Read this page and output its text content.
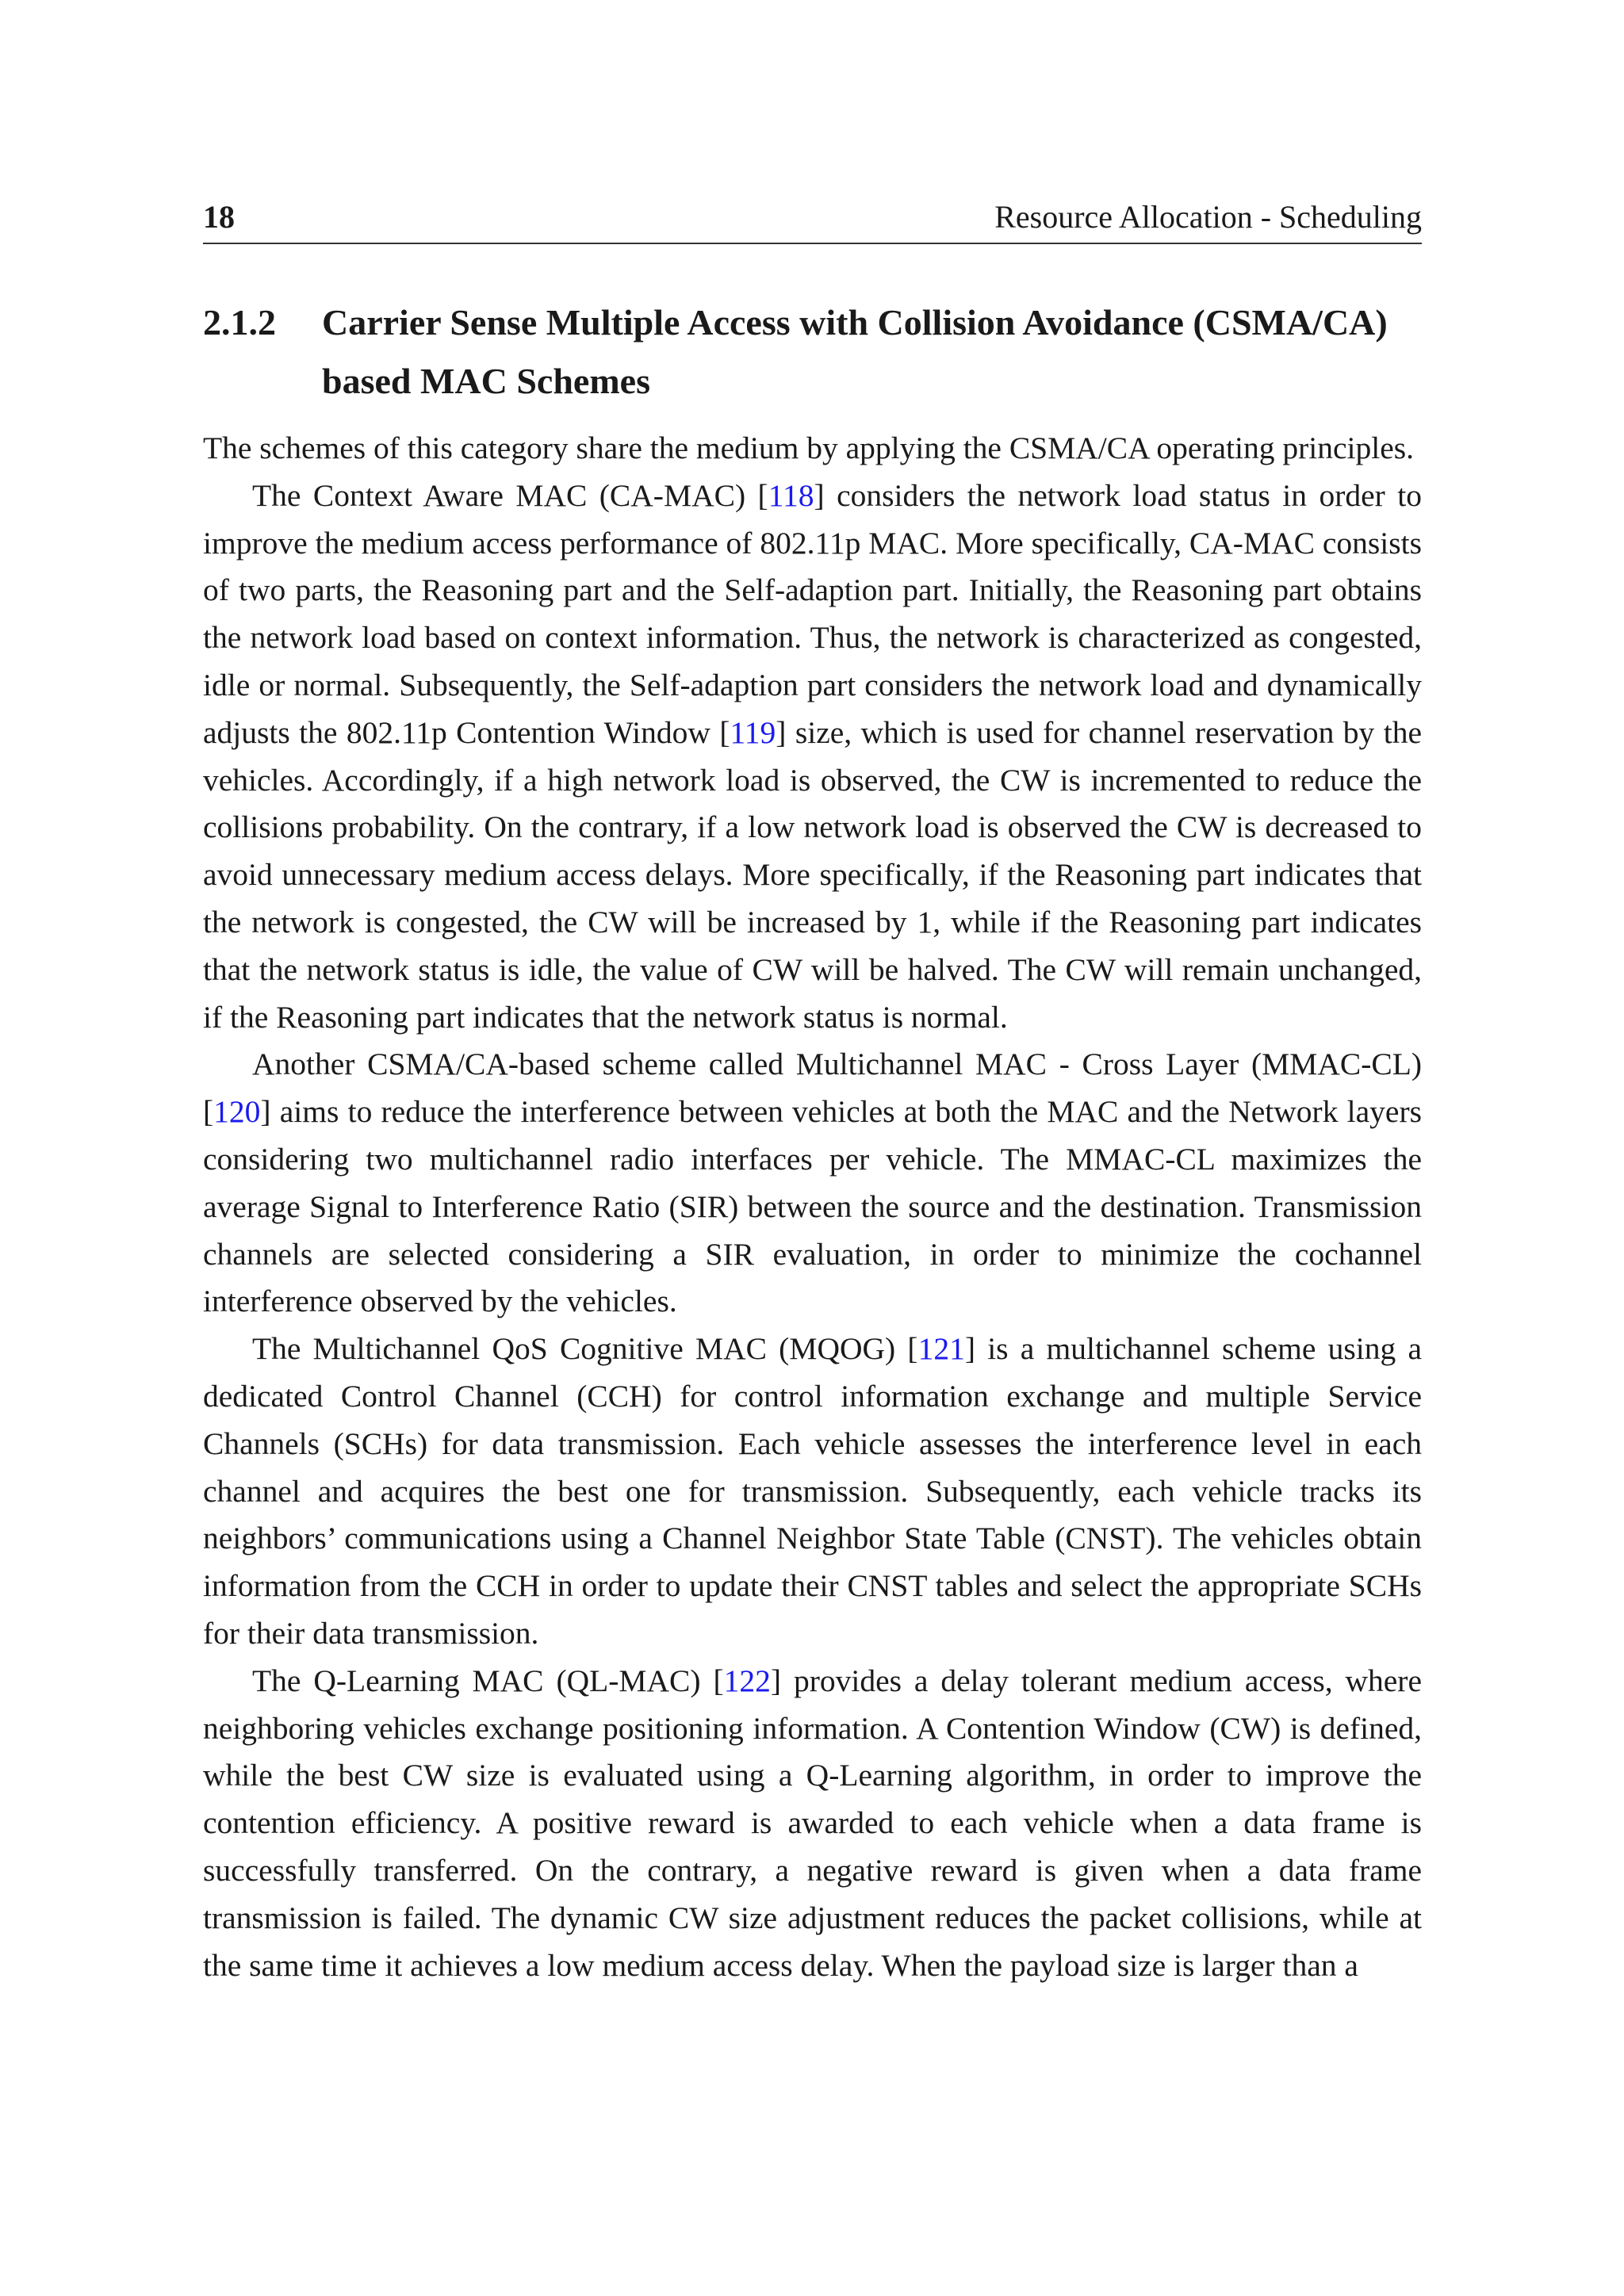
18	Resource Allocation - Scheduling
2.1.2	Carrier Sense Multiple Access with Collision Avoidance (CSMA/CA) based MAC Schemes

The schemes of this category share the medium by applying the CSMA/CA operating principles.

The Context Aware MAC (CA-MAC) [118] considers the network load status in order to improve the medium access performance of 802.11p MAC. More specifically, CA-MAC consists of two parts, the Reasoning part and the Self-adaption part. Initially, the Reasoning part obtains the network load based on context information. Thus, the network is characterized as congested, idle or normal. Subsequently, the Self-adaption part considers the network load and dynamically adjusts the 802.11p Contention Window [119] size, which is used for channel reservation by the vehicles. Accordingly, if a high network load is observed, the CW is incremented to reduce the collisions probability. On the contrary, if a low network load is observed the CW is decreased to avoid unnecessary medium access delays. More specifically, if the Reasoning part indicates that the network is congested, the CW will be increased by 1, while if the Reasoning part indicates that the network status is idle, the value of CW will be halved. The CW will remain unchanged, if the Reasoning part indicates that the network status is normal.

Another CSMA/CA-based scheme called Multichannel MAC - Cross Layer (MMAC-CL) [120] aims to reduce the interference between vehicles at both the MAC and the Network layers considering two multichannel radio interfaces per vehicle. The MMAC-CL maximizes the average Signal to Interference Ratio (SIR) between the source and the destination. Transmission channels are selected considering a SIR evaluation, in order to minimize the cochannel interference observed by the vehicles.

The Multichannel QoS Cognitive MAC (MQOG) [121] is a multichannel scheme using a dedicated Control Channel (CCH) for control information exchange and multiple Service Channels (SCHs) for data transmission. Each vehicle assesses the interference level in each channel and acquires the best one for transmission. Subsequently, each vehicle tracks its neighbors’ communications using a Channel Neighbor State Table (CNST). The vehicles obtain information from the CCH in order to update their CNST tables and select the appropriate SCHs for their data transmission.

The Q-Learning MAC (QL-MAC) [122] provides a delay tolerant medium access, where neighboring vehicles exchange positioning information. A Contention Window (CW) is defined, while the best CW size is evaluated using a Q-Learning algorithm, in order to improve the contention efficiency. A positive reward is awarded to each vehicle when a data frame is successfully transferred. On the contrary, a negative reward is given when a data frame transmission is failed. The dynamic CW size adjustment reduces the packet collisions, while at the same time it achieves a low medium access delay. When the payload size is larger than a
